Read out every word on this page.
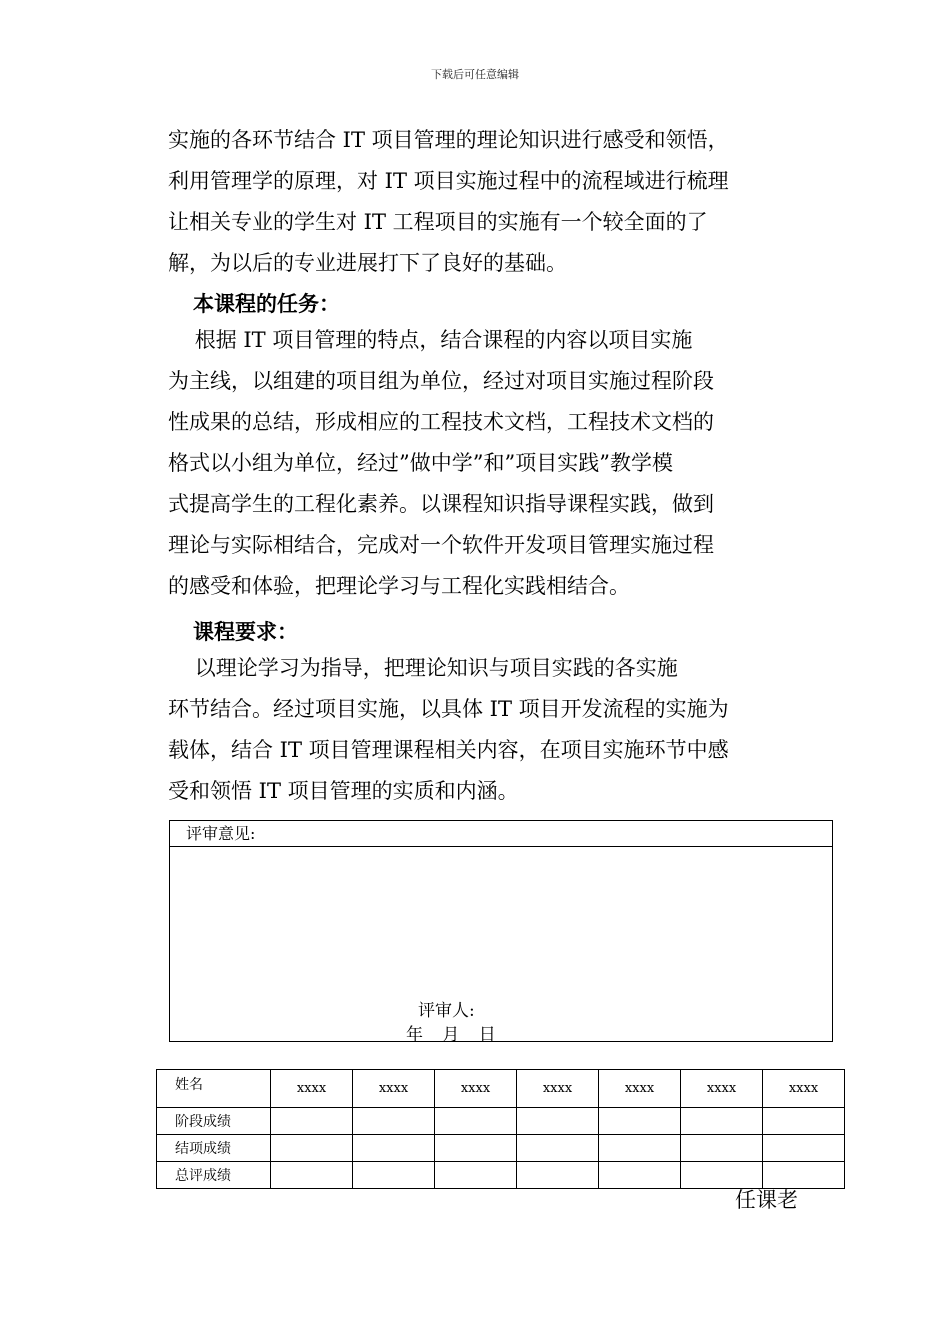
下载后可任意编辑
实施的各环节结合 IT 项目管理的理论知识进行感受和领悟，
利用管理学的原理，对 IT 项目实施过程中的流程域进行梳理
让相关专业的学生对 IT 工程项目的实施有一个较全面的了
解，为以后的专业进展打下了良好的基础。
本课程的任务：
根据 IT 项目管理的特点，结合课程的内容以项目实施
为主线，以组建的项目组为单位，经过对项目实施过程阶段
性成果的总结，形成相应的工程技术文档，工程技术文档的
格式以小组为单位，经过”做中学”和”项目实践”教学模
式提高学生的工程化素养。以课程知识指导课程实践，做到
理论与实际相结合，完成对一个软件开发项目管理实施过程
的感受和体验，把理论学习与工程化实践相结合。
课程要求：
以理论学习为指导，把理论知识与项目实践的各实施
环节结合。经过项目实施，以具体 IT 项目开发流程的实施为
载体，结合 IT 项目管理课程相关内容，在项目实施环节中感
受和领悟 IT 项目管理的实质和内涵。
评审意见:
评审人:
年 月 日
姓名	xxxx	xxxx	xxxx	xxxx	xxxx	xxxx	xxxx
阶段成绩							
结项成绩							
总评成绩							
任课老
